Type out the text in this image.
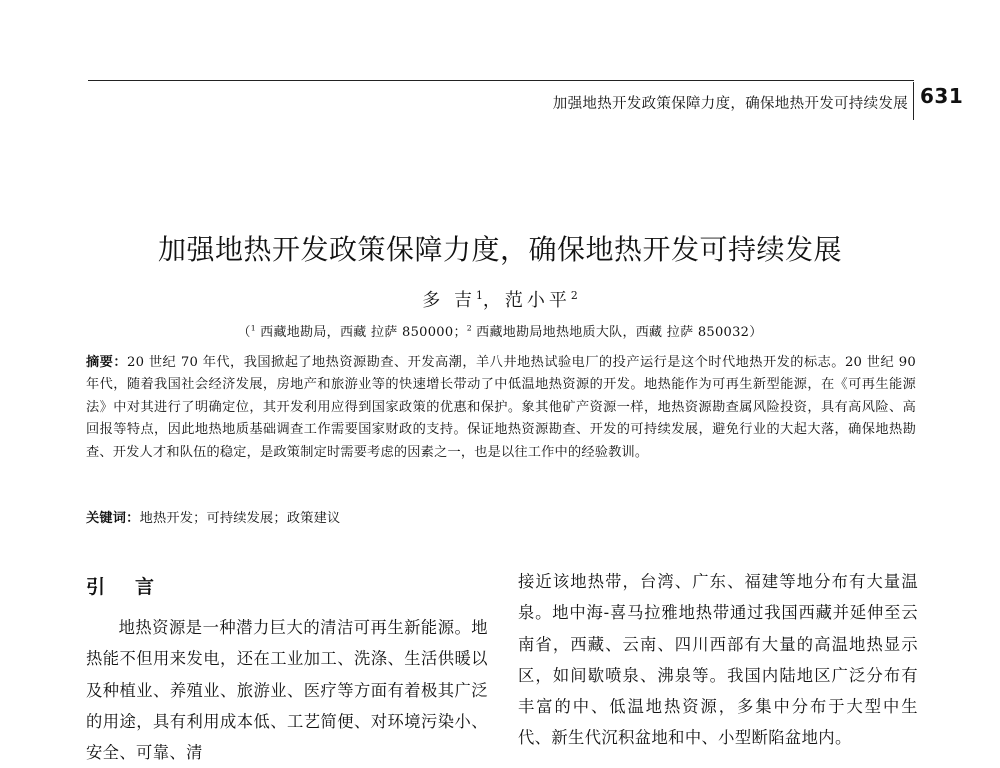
加强地热开发政策保障力度，确保地热开发可持续发展 631
加强地热开发政策保障力度，确保地热开发可持续发展
多 吉$^1$，范小平$^2$
（$^1$ 西藏地勘局，西藏 拉萨 850000；$^2$ 西藏地勘局地热地质大队，西藏 拉萨 850032）
摘要：20 世纪 70 年代，我国掀起了地热资源勘查、开发高潮，羊八井地热试验电厂的投产运行是这个时代地热开发的标志。20 世纪 90 年代，随着我国社会经济发展，房地产和旅游业等的快速增长带动了中低温地热资源的开发。地热能作为可再生新型能源，在《可再生能源法》中对其进行了明确定位，其开发利用应得到国家政策的优惠和保护。象其他矿产资源一样，地热资源勘查属风险投资，具有高风险、高回报等特点，因此地热地质基础调查工作需要国家财政的支持。保证地热资源勘查、开发的可持续发展，避免行业的大起大落，确保地热勘查、开发人才和队伍的稳定，是政策制定时需要考虑的因素之一，也是以往工作中的经验教训。
关键词：地热开发；可持续发展；政策建议
引言
地热资源是一种潜力巨大的清洁可再生新能源。地热能不但用来发电，还在工业加工、洗涤、生活供暖以及种植业、养殖业、旅游业、医疗等方面有着极其广泛的用途，具有利用成本低、工艺简便、对环境污染小、安全、可靠、清
接近该地热带，台湾、广东、福建等地分布有大量温泉。地中海-喜马拉雅地热带通过我国西藏并延伸至云南省，西藏、云南、四川西部有大量的高温地热显示区，如间歇喷泉、沸泉等。我国内陆地区广泛分布有丰富的中、低温地热资源，多集中分布于大型中生代、新生代沉积盆地和中、小型断陷盆地内。
